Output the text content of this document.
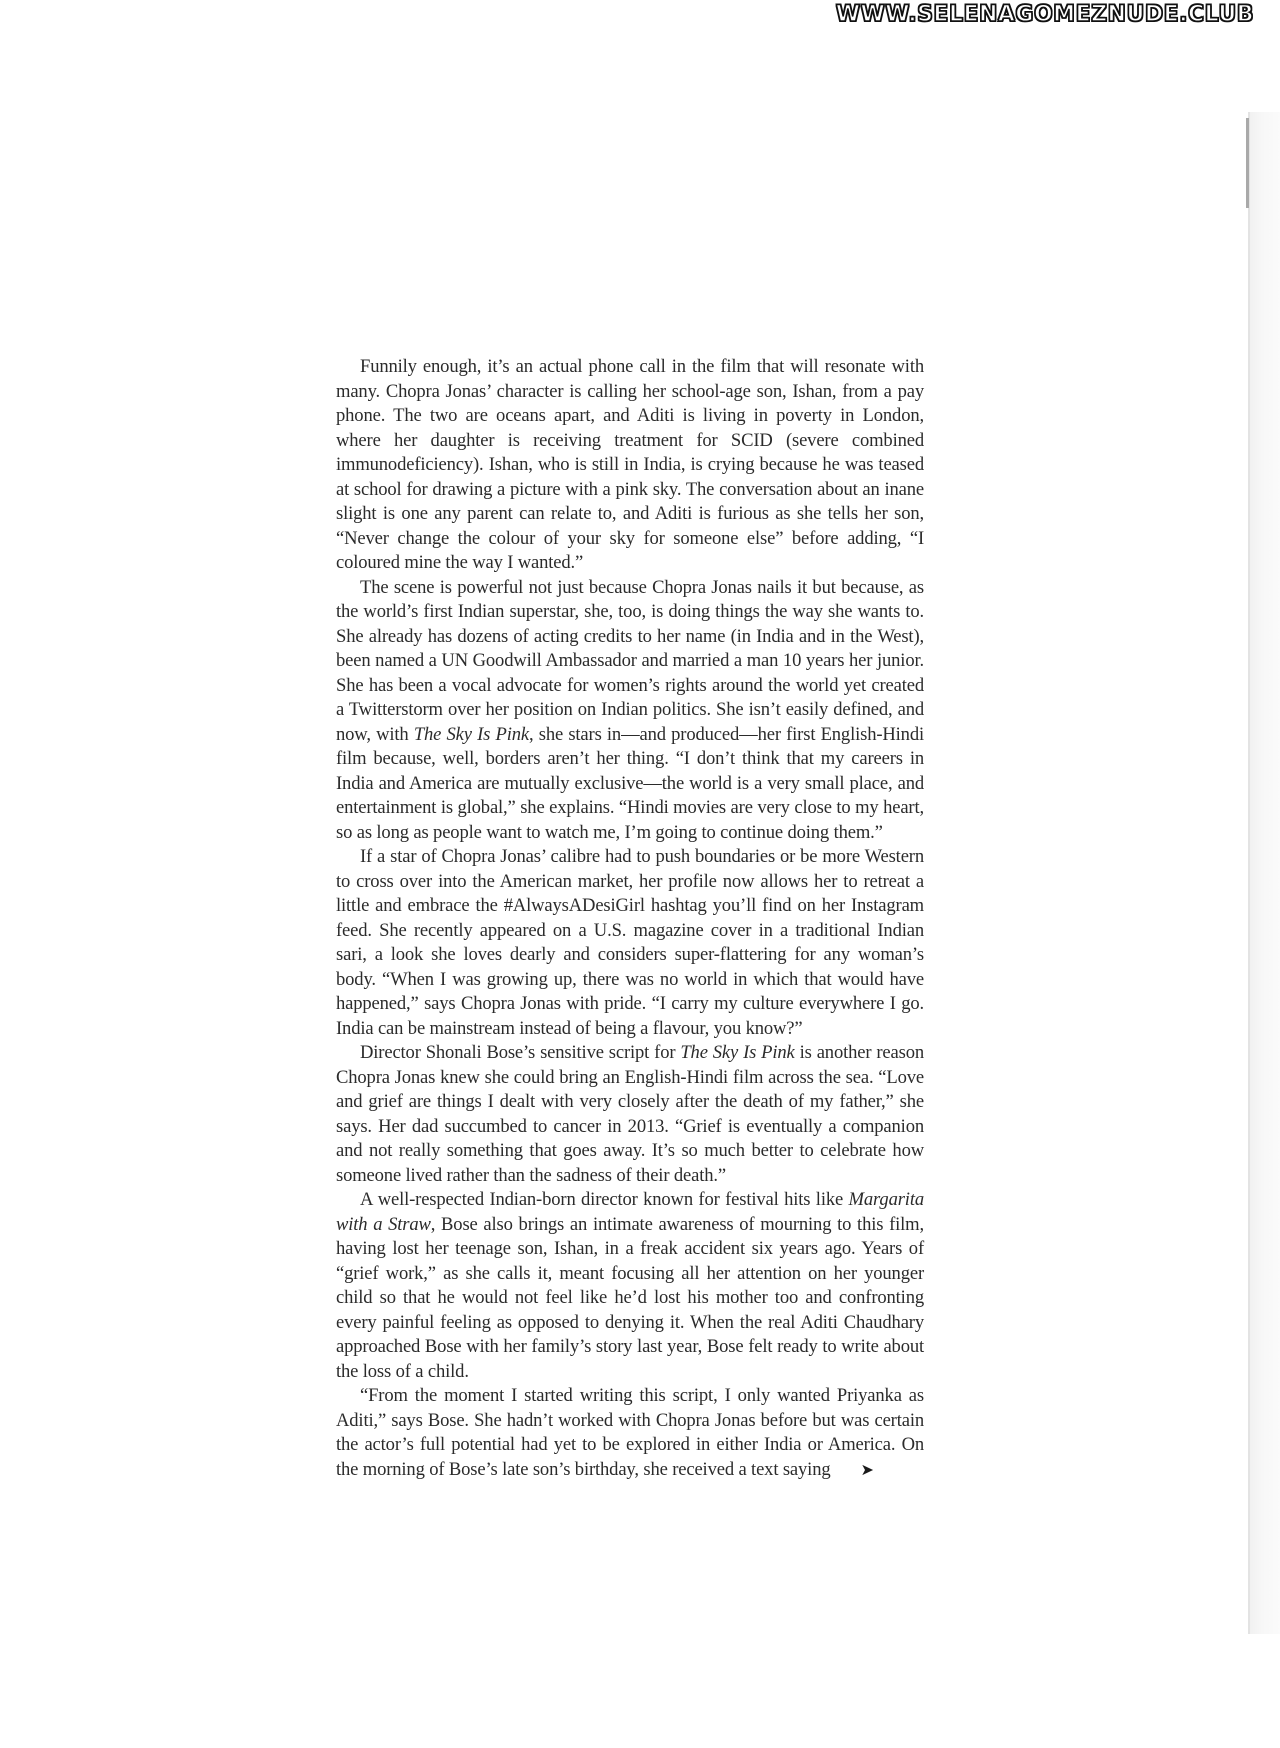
WWW.SELENAGOMEZNUDE.CLUB

Funnily enough, it’s an actual phone call in the film that will resonate with many. Chopra Jonas’ character is calling her school-age son, Ishan, from a pay phone. The two are oceans apart, and Aditi is living in poverty in London, where her daughter is receiving treatment for SCID (severe combined immunodeficiency). Ishan, who is still in India, is crying because he was teased at school for drawing a picture with a pink sky. The conversation about an inane slight is one any parent can relate to, and Aditi is furious as she tells her son, “Never change the colour of your sky for someone else” before adding, “I coloured mine the way I wanted.”

The scene is powerful not just because Chopra Jonas nails it but because, as the world’s first Indian superstar, she, too, is doing things the way she wants to. She already has dozens of acting credits to her name (in India and in the West), been named a UN Goodwill Ambassador and married a man 10 years her junior. She has been a vocal advocate for women’s rights around the world yet created a Twitterstorm over her position on Indian politics. She isn’t easily defined, and now, with The Sky Is Pink, she stars in—and produced—her first English-Hindi film because, well, borders aren’t her thing. “I don’t think that my careers in India and America are mutually exclusive—the world is a very small place, and entertainment is global,” she explains. “Hindi movies are very close to my heart, so as long as people want to watch me, I’m going to continue doing them.”

If a star of Chopra Jonas’ calibre had to push boundaries or be more Western to cross over into the American market, her profile now allows her to retreat a little and embrace the #AlwaysADesiGirl hashtag you’ll find on her Instagram feed. She recently appeared on a U.S. magazine cover in a traditional Indian sari, a look she loves dearly and considers super-flattering for any woman’s body. “When I was growing up, there was no world in which that would have happened,” says Chopra Jonas with pride. “I carry my culture everywhere I go. India can be mainstream instead of being a flavour, you know?”

Director Shonali Bose’s sensitive script for The Sky Is Pink is another reason Chopra Jonas knew she could bring an English-Hindi film across the sea. “Love and grief are things I dealt with very closely after the death of my father,” she says. Her dad succumbed to cancer in 2013. “Grief is eventually a companion and not really something that goes away. It’s so much better to celebrate how someone lived rather than the sadness of their death.”

A well-respected Indian-born director known for festival hits like Margarita with a Straw, Bose also brings an intimate awareness of mourning to this film, having lost her teenage son, Ishan, in a freak accident six years ago. Years of “grief work,” as she calls it, meant focusing all her attention on her younger child so that he would not feel like he’d lost his mother too and confronting every painful feeling as opposed to denying it. When the real Aditi Chaudhary approached Bose with her family’s story last year, Bose felt ready to write about the loss of a child.

“From the moment I started writing this script, I only wanted Priyanka as Aditi,” says Bose. She hadn’t worked with Chopra Jonas before but was certain the actor’s full potential had yet to be explored in either India or America. On the morning of Bose’s late son’s birthday, she received a text saying ➤
